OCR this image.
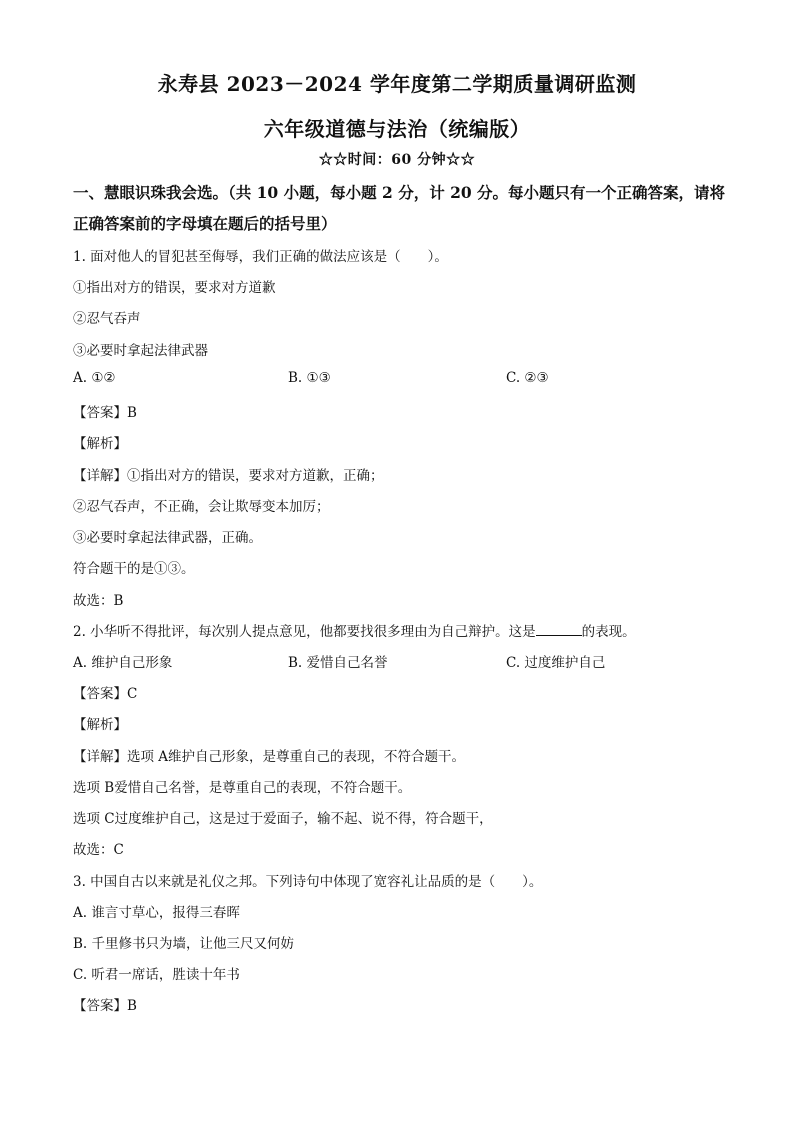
永寿县 2023－2024 学年度第二学期质量调研监测
六年级道德与法治（统编版）
☆☆时间：60 分钟☆☆
一、慧眼识珠我会选。（共 10 小题，每小题 2 分，计 20 分。每小题只有一个正确答案，请将正确答案前的字母填在题后的括号里）
1. 面对他人的冒犯甚至侮辱，我们正确的做法应该是（　　）。
①指出对方的错误，要求对方道歉
②忍气吞声
③必要时拿起法律武器
A. ①②	B. ①③	C. ②③
【答案】B
【解析】
【详解】①指出对方的错误，要求对方道歉，正确；
②忍气吞声，不正确，会让欺辱变本加厉；
③必要时拿起法律武器，正确。
符合题干的是①③。
故选：B
2. 小华听不得批评，每次别人提点意见，他都要找很多理由为自己辩护。这是	的表现。
A. 维护自己形象	B. 爱惜自己名誉	C. 过度维护自己
【答案】C
【解析】
【详解】选项 A维护自己形象，是尊重自己的表现，不符合题干。
选项 B爱惜自己名誉，是尊重自己的表现，不符合题干。
选项 C过度维护自己，这是过于爱面子，输不起、说不得，符合题干，
故选：C
3. 中国自古以来就是礼仪之邦。下列诗句中体现了宽容礼让品质的是（　　）。
A. 谁言寸草心，报得三春晖
B. 千里修书只为墙，让他三尺又何妨
C. 听君一席话，胜读十年书
【答案】B
